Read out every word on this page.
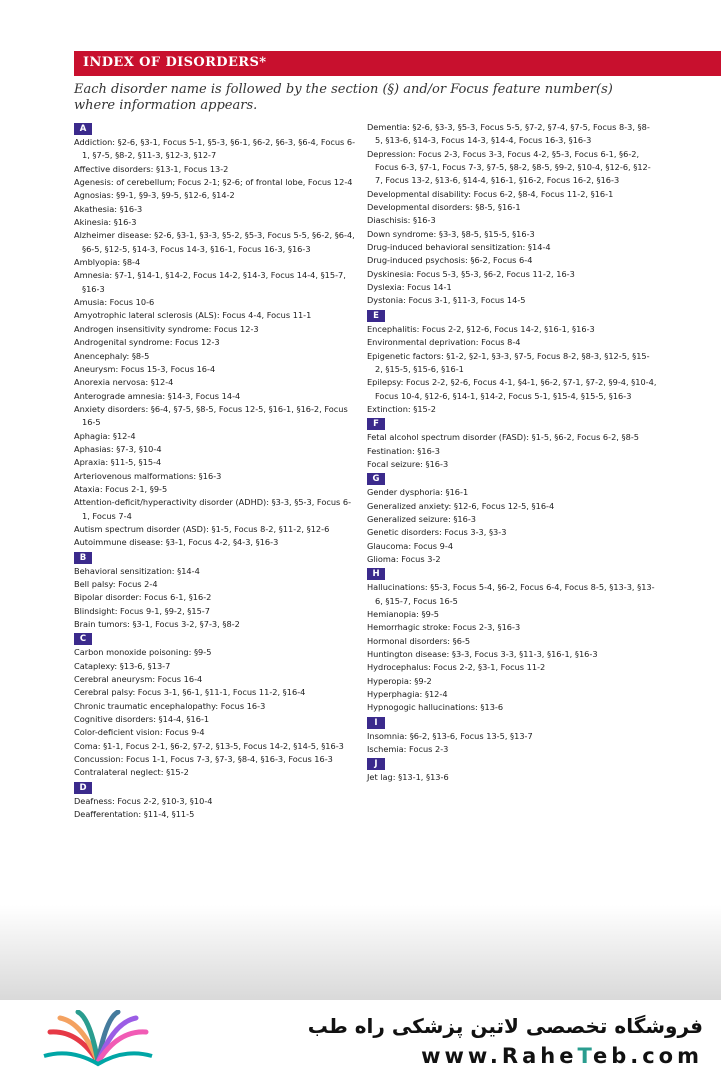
INDEX OF DISORDERS*
Each disorder name is followed by the section (§) and/or Focus feature number(s) where information appears.
A

Addiction: §2-6, §3-1, Focus 5-1, §5-3, §6-1, §6-2, §6-3, §6-4, Focus 6-1, §7-5, §8-2, §11-3, §12-3, §12-7

Affective disorders: §13-1, Focus 13-2

Agenesis: of cerebellum; Focus 2-1; §2-6; of frontal lobe, Focus 12-4

Agnosias: §9-1, §9-3, §9-5, §12-6, §14-2

Akathesia: §16-3

Akinesia: §16-3

Alzheimer disease: §2-6, §3-1, §3-3, §5-2, §5-3, Focus 5-5, §6-2, §6-4, §6-5, §12-5, §14-3, Focus 14-3, §16-1, Focus 16-3, §16-3

Amblyopia: §8-4

Amnesia: §7-1, §14-1, §14-2, Focus 14-2, §14-3, Focus 14-4, §15-7, §16-3

Amusia: Focus 10-6

Amyotrophic lateral sclerosis (ALS): Focus 4-4, Focus 11-1

Androgen insensitivity syndrome: Focus 12-3

Androgenital syndrome: Focus 12-3

Anencephaly: §8-5

Aneurysm: Focus 15-3, Focus 16-4

Anorexia nervosa: §12-4

Anterograde amnesia: §14-3, Focus 14-4

Anxiety disorders: §6-4, §7-5, §8-5, Focus 12-5, §16-1, §16-2, Focus 16-5

Aphagia: §12-4

Aphasias: §7-3, §10-4

Apraxia: §11-5, §15-4

Arteriovenous malformations: §16-3

Ataxia: Focus 2-1, §9-5

Attention-deficit/hyperactivity disorder (ADHD): §3-3, §5-3, Focus 6-1, Focus 7-4

Autism spectrum disorder (ASD): §1-5, Focus 8-2, §11-2, §12-6

Autoimmune disease: §3-1, Focus 4-2, §4-3, §16-3

B

Behavioral sensitization: §14-4

Bell palsy: Focus 2-4

Bipolar disorder: Focus 6-1, §16-2

Blindsight: Focus 9-1, §9-2, §15-7

Brain tumors: §3-1, Focus 3-2, §7-3, §8-2

C

Carbon monoxide poisoning: §9-5

Cataplexy: §13-6, §13-7

Cerebral aneurysm: Focus 16-4

Cerebral palsy: Focus 3-1, §6-1, §11-1, Focus 11-2, §16-4

Chronic traumatic encephalopathy: Focus 16-3

Cognitive disorders: §14-4, §16-1

Color-deficient vision: Focus 9-4

Coma: §1-1, Focus 2-1, §6-2, §7-2, §13-5, Focus 14-2, §14-5, §16-3

Concussion: Focus 1-1, Focus 7-3, §7-3, §8-4, §16-3, Focus 16-3

Contralateral neglect: §15-2

D

Deafness: Focus 2-2, §10-3, §10-4

Deafferentation: §11-4, §11-5

Dementia: §2-6, §3-3, §5-3, Focus 5-5, §7-2, §7-4, §7-5, Focus 8-3, §8-5, §13-6, §14-3, Focus 14-3, §14-4, Focus 16-3, §16-3

Depression: Focus 2-3, Focus 3-3, Focus 4-2, §5-3, Focus 6-1, §6-2, Focus 6-3, §7-1, Focus 7-3, §7-5, §8-2, §8-5, §9-2, §10-4, §12-6, §12-7, Focus 13-2, §13-6, §14-4, §16-1, §16-2, Focus 16-2, §16-3

Developmental disability: Focus 6-2, §8-4, Focus 11-2, §16-1

Developmental disorders: §8-5, §16-1

Diaschisis: §16-3

Down syndrome: §3-3, §8-5, §15-5, §16-3

Drug-induced behavioral sensitization: §14-4

Drug-induced psychosis: §6-2, Focus 6-4

Dyskinesia: Focus 5-3, §5-3, §6-2, Focus 11-2, 16-3

Dyslexia: Focus 14-1

Dystonia: Focus 3-1, §11-3, Focus 14-5

E

Encephalitis: Focus 2-2, §12-6, Focus 14-2, §16-1, §16-3

Environmental deprivation: Focus 8-4

Epigenetic factors: §1-2, §2-1, §3-3, §7-5, Focus 8-2, §8-3, §12-5, §15-2, §15-5, §15-6, §16-1

Epilepsy: Focus 2-2, §2-6, Focus 4-1, §4-1, §6-2, §7-1, §7-2, §9-4, §10-4, Focus 10-4, §12-6, §14-1, §14-2, Focus 5-1, §15-4, §15-5, §16-3

Extinction: §15-2

F

Fetal alcohol spectrum disorder (FASD): §1-5, §6-2, Focus 6-2, §8-5

Festination: §16-3

Focal seizure: §16-3

G

Gender dysphoria: §16-1

Generalized anxiety: §12-6, Focus 12-5, §16-4

Generalized seizure: §16-3

Genetic disorders: Focus 3-3, §3-3

Glaucoma: Focus 9-4

Glioma: Focus 3-2

H

Hallucinations: §5-3, Focus 5-4, §6-2, Focus 6-4, Focus 8-5, §13-3, §13-6, §15-7, Focus 16-5

Hemianopia: §9-5

Hemorrhagic stroke: Focus 2-3, §16-3

Hormonal disorders: §6-5

Huntington disease: §3-3, Focus 3-3, §11-3, §16-1, §16-3

Hydrocephalus: Focus 2-2, §3-1, Focus 11-2

Hyperopia: §9-2

Hyperphagia: §12-4

Hypnogogic hallucinations: §13-6

I

Insomnia: §6-2, §13-6, Focus 13-5, §13-7

Ischemia: Focus 2-3

J

Jet lag: §13-1, §13-6

فروشگاه تخصصی لاتین پزشکی راه طب
www.RaheTeb.com
